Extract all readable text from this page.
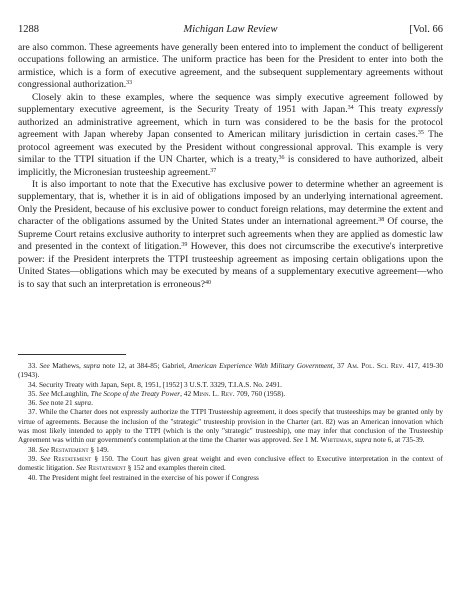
1288	Michigan Law Review	[Vol. 66

are also common. These agreements have generally been entered into to implement the conduct of belligerent occupations following an armistice. The uniform practice has been for the President to enter into both the armistice, which is a form of executive agreement, and the subsequent supplementary agreements without congressional authorization.$^{33}$

Closely akin to these examples, where the sequence was simply executive agreement followed by supplementary executive agreement, is the Security Treaty of 1951 with Japan.$^{34}$ This treaty expressly authorized an administrative agreement, which in turn was considered to be the basis for the protocol agreement with Japan whereby Japan consented to American military jurisdiction in certain cases.$^{35}$ The protocol agreement was executed by the President without congressional approval. This example is very similar to the TTPI situation if the UN Charter, which is a treaty,$^{36}$ is considered to have authorized, albeit implicitly, the Micronesian trusteeship agreement.$^{37}$

It is also important to note that the Executive has exclusive power to determine whether an agreement is supplementary, that is, whether it is in aid of obligations imposed by an underlying international agreement. Only the President, because of his exclusive power to conduct foreign relations, may determine the extent and character of the obligations assumed by the United States under an international agreement.$^{38}$ Of course, the Supreme Court retains exclusive authority to interpret such agreements when they are applied as domestic law and presented in the context of litigation.$^{39}$ However, this does not circumscribe the executive's interpretive power: if the President interprets the TTPI trusteeship agreement as imposing certain obligations upon the United States—obligations which may be executed by means of a supplementary executive agreement—who is to say that such an interpretation is erroneous?$^{40}$

33. See Mathews, supra note 12, at 384-85; Gabriel, American Experience With Military Government, 37 Am. Pol. Sci. Rev. 417, 419-30 (1943).

34. Security Treaty with Japan, Sept. 8, 1951, [1952] 3 U.S.T. 3329, T.I.A.S. No. 2491.

35. See McLaughlin, The Scope of the Treaty Power, 42 Minn. L. Rev. 709, 760 (1958).

36. See note 21 supra.

37. While the Charter does not expressly authorize the TTPI Trusteeship agreement, it does specify that trusteeships may be granted only by virtue of agreements. Because the inclusion of the "strategic" trusteeship provision in the Charter (art. 82) was an American innovation which was most likely intended to apply to the TTPI (which is the only "strategic" trusteeship), one may infer that conclusion of the Trusteeship Agreement was within our government's contemplation at the time the Charter was approved. See 1 M. Whiteman, supra note 6, at 735-39.

38. See Restatement § 149.

39. See Restatement § 150. The Court has given great weight and even conclusive effect to Executive interpretation in the context of domestic litigation. See Restatement § 152 and examples therein cited.

40. The President might feel restrained in the exercise of his power if Congress
